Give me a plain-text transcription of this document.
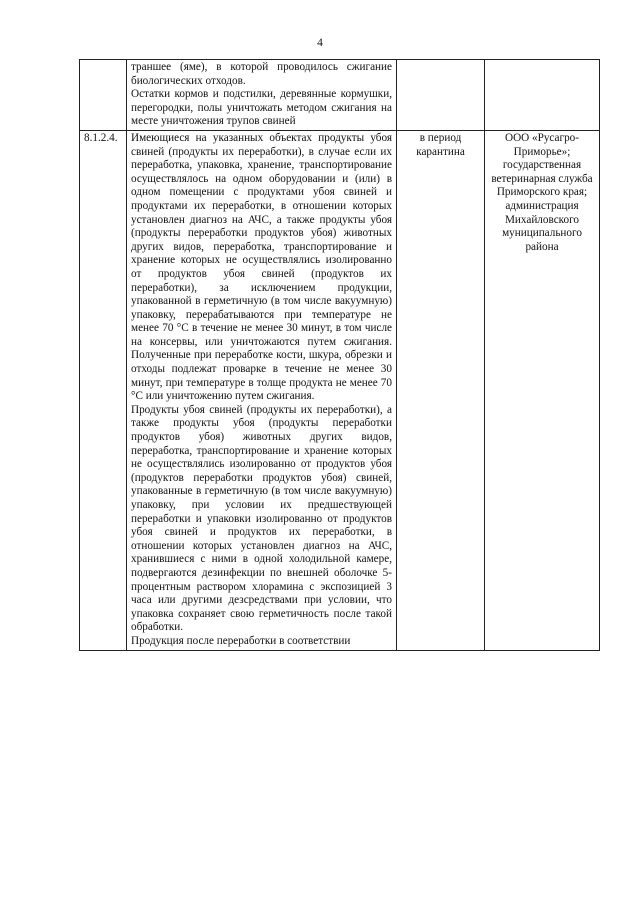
4

	траншее (яме), в которой проводилось сжигание биологических отходов.

Остатки кормов и подстилки, деревянные кормушки, перегородки, полы уничтожать методом сжигания на месте уничтожения трупов свиней		

8.1.2.4.	Имеющиеся на указанных объектах продукты убоя свиней (продукты их переработки), в случае если их переработка, упаковка, хранение, транспортирование осуществлялось на одном оборудовании и (или) в одном помещении с продуктами убоя свиней и продуктами их переработки, в отношении которых установлен диагноз на АЧС, а также продукты убоя (продукты переработки продуктов убоя) животных других видов, переработка, транспортирование и хранение которых не осуществлялись изолированно от продуктов убоя свиней (продуктов их переработки), за исключением продукции, упакованной в герметичную (в том числе вакуумную) упаковку, перерабатываются при температуре не менее 70 °С в течение не менее 30 минут, в том числе на консервы, или уничтожаются путем сжигания. Полученные при переработке кости, шкура, обрезки и отходы подлежат проварке в течение не менее 30 минут, при температуре в толще продукта не менее 70 °С или уничтожению путем сжигания.

Продукты убоя свиней (продукты их переработки), а также продукты убоя (продукты переработки продуктов убоя) животных других видов, переработка, транспортирование и хранение которых не осуществлялись изолированно от продуктов убоя (продуктов переработки продуктов убоя) свиней, упакованные в герметичную (в том числе вакуумную) упаковку, при условии их предшествующей переработки и упаковки изолированно от продуктов убоя свиней и продуктов их переработки, в отношении которых установлен диагноз на АЧС, хранившиеся с ними в одной холодильной камере, подвергаются дезинфекции по внешней оболочке 5-процентным раствором хлорамина с экспозицией 3 часа или другими дезсредствами при условии, что упаковка сохраняет свою герметичность после такой обработки.

Продукция после переработки в соответствии	в период карантина	ООО «Русагро-Приморье»; государственная ветеринарная служба Приморского края; администрация Михайловского муниципального района
